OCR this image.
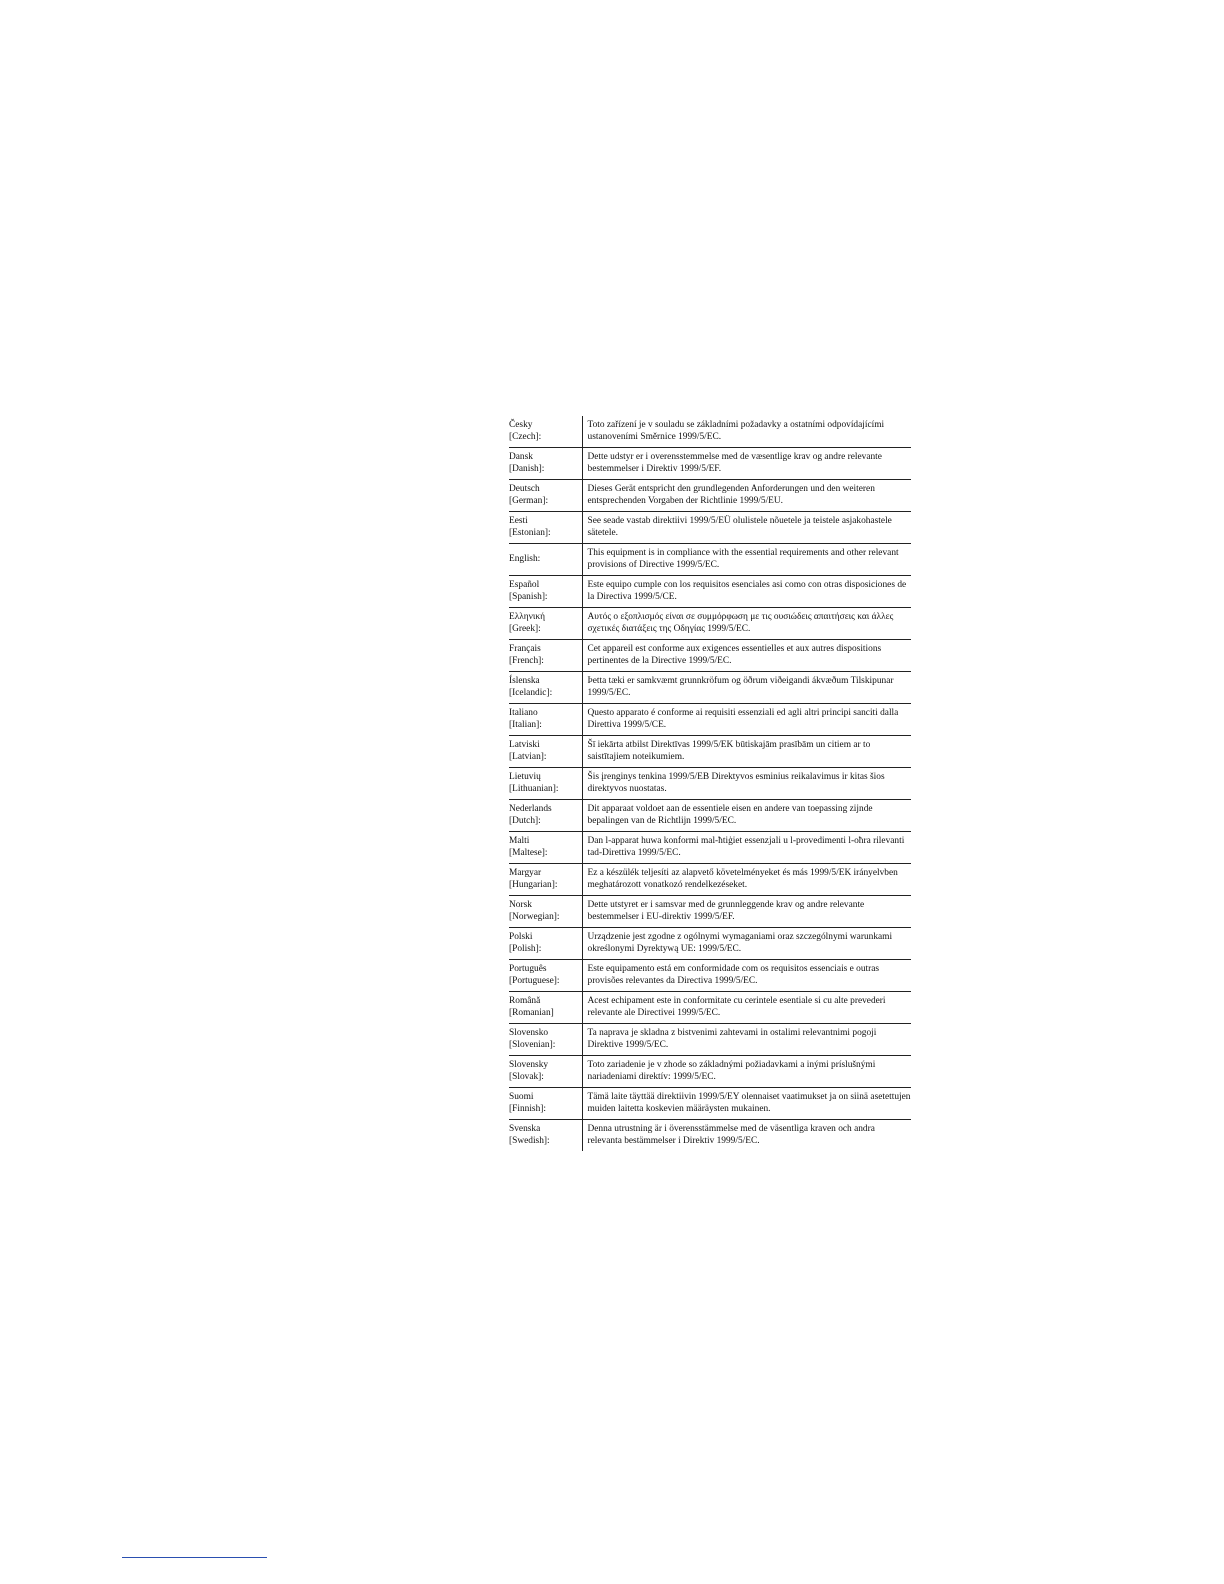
Česky
[Czech]:	Toto zařízení je v souladu se základními požadavky a ostatními odpovídajícími ustanoveními Směrnice 1999/5/EC.

Dansk
[Danish]:	Dette udstyr er i overensstemmelse med de væsentlige krav og andre relevante bestemmelser i Direktiv 1999/5/EF.

Deutsch
[German]:	Dieses Gerät entspricht den grundlegenden Anforderungen und den weiteren entsprechenden Vorgaben der Richtlinie 1999/5/EU.

Eesti
[Estonian]:	See seade vastab direktiivi 1999/5/EÜ olulistele nõuetele ja teistele asjakohastele sätetele.

English:	This equipment is in compliance with the essential requirements and other relevant provisions of Directive 1999/5/EC.

Español
[Spanish]:	Este equipo cumple con los requisitos esenciales asi como con otras disposiciones de la Directiva 1999/5/CE.

Ελληνική
[Greek]:	Αυτός ο εξοπλισμός είναι σε συμμόρφωση με τις ουσιώδεις απαιτήσεις και άλλες σχετικές διατάξεις της Οδηγίας 1999/5/EC.

Français
[French]:	Cet appareil est conforme aux exigences essentielles et aux autres dispositions pertinentes de la Directive 1999/5/EC.

Íslenska
[Icelandic]:	Þetta tæki er samkvæmt grunnkröfum og öðrum viðeigandi ákvæðum Tilskipunar 1999/5/EC.

Italiano
[Italian]:	Questo apparato é conforme ai requisiti essenziali ed agli altri principi sanciti dalla Direttiva 1999/5/CE.

Latviski
[Latvian]:	Šī iekārta atbilst Direktīvas 1999/5/EK būtiskajām prasībām un citiem ar to saistītajiem noteikumiem.

Lietuvių
[Lithuanian]:	Šis įrenginys tenkina 1999/5/EB Direktyvos esminius reikalavimus ir kitas šios direktyvos nuostatas.

Nederlands
[Dutch]:	Dit apparaat voldoet aan de essentiele eisen en andere van toepassing zijnde bepalingen van de Richtlijn 1999/5/EC.

Malti
[Maltese]:	Dan l-apparat huwa konformi mal-ħtiġiet essenzjali u l-provedimenti l-oħra rilevanti tad-Direttiva 1999/5/EC.

Margyar
[Hungarian]:	Ez a készülék teljesíti az alapvető követelményeket és más 1999/5/EK irányelvben meghatározott vonatkozó rendelkezéseket.

Norsk
[Norwegian]:	Dette utstyret er i samsvar med de grunnleggende krav og andre relevante bestemmelser i EU-direktiv 1999/5/EF.

Polski
[Polish]:	Urządzenie jest zgodne z ogólnymi wymaganiami oraz szczególnymi warunkami określonymi Dyrektywą UE: 1999/5/EC.

Português
[Portuguese]:	Este equipamento está em conformidade com os requisitos essenciais e outras provisões relevantes da Directiva 1999/5/EC.

Română
[Romanian]	Acest echipament este in conformitate cu cerintele esentiale si cu alte prevederi relevante ale Directivei 1999/5/EC.

Slovensko
[Slovenian]:	Ta naprava je skladna z bistvenimi zahtevami in ostalimi relevantnimi pogoji Direktive 1999/5/EC.

Slovensky
[Slovak]:	Toto zariadenie je v zhode so základnými požiadavkami a inými príslušnými nariadeniami direktív: 1999/5/EC.

Suomi
[Finnish]:	Tämä laite täyttää direktiivin 1999/5/EY olennaiset vaatimukset ja on siinä asetettujen muiden laitetta koskevien määräysten mukainen.

Svenska
[Swedish]:	Denna utrustning är i överensstämmelse med de väsentliga kraven och andra relevanta bestämmelser i Direktiv 1999/5/EC.
